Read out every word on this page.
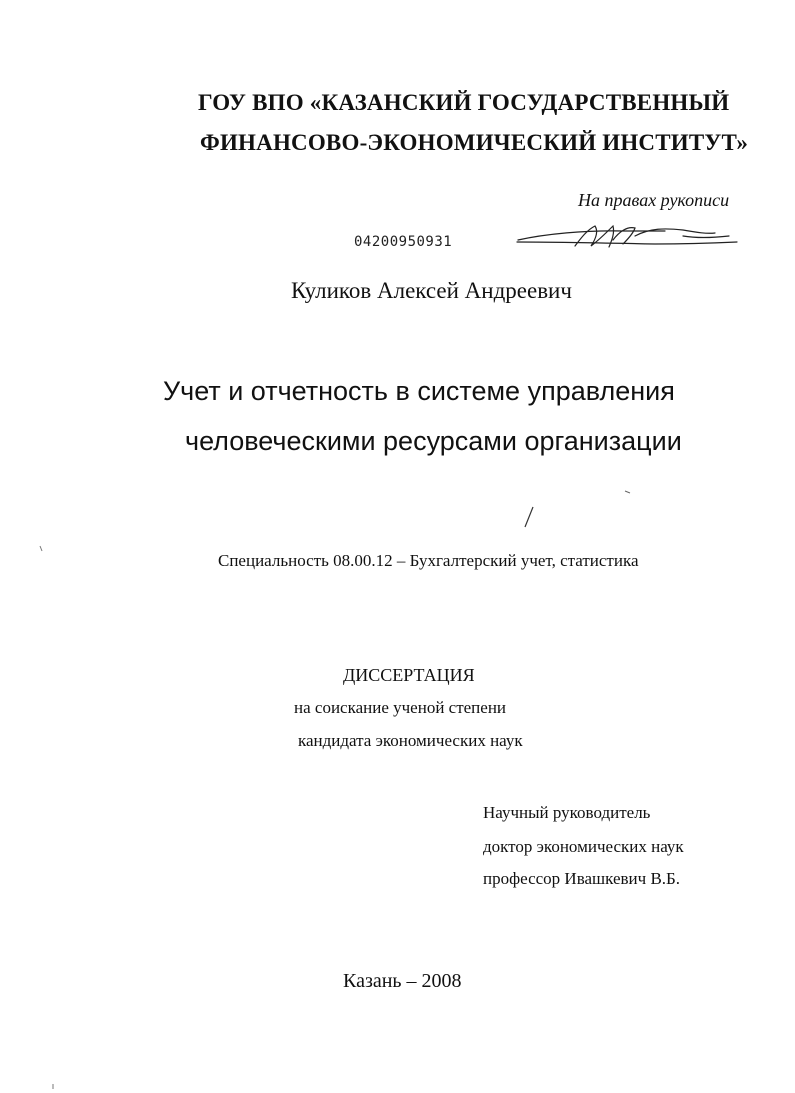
ГОУ ВПО «КАЗАНСКИЙ ГОСУДАРСТВЕННЫЙ
ФИНАНСОВО-ЭКОНОМИЧЕСКИЙ ИНСТИТУТ»
На правах рукописи
04200950931
Куликов Алексей Андреевич
Учет и отчетность в системе управления
человеческими ресурсами организации
Специальность 08.00.12 – Бухгалтерский учет, статистика
ДИССЕРТАЦИЯ
на соискание ученой степени
кандидата экономических наук
Научный руководитель
доктор экономических наук
профессор Ивашкевич В.Б.
Казань – 2008
